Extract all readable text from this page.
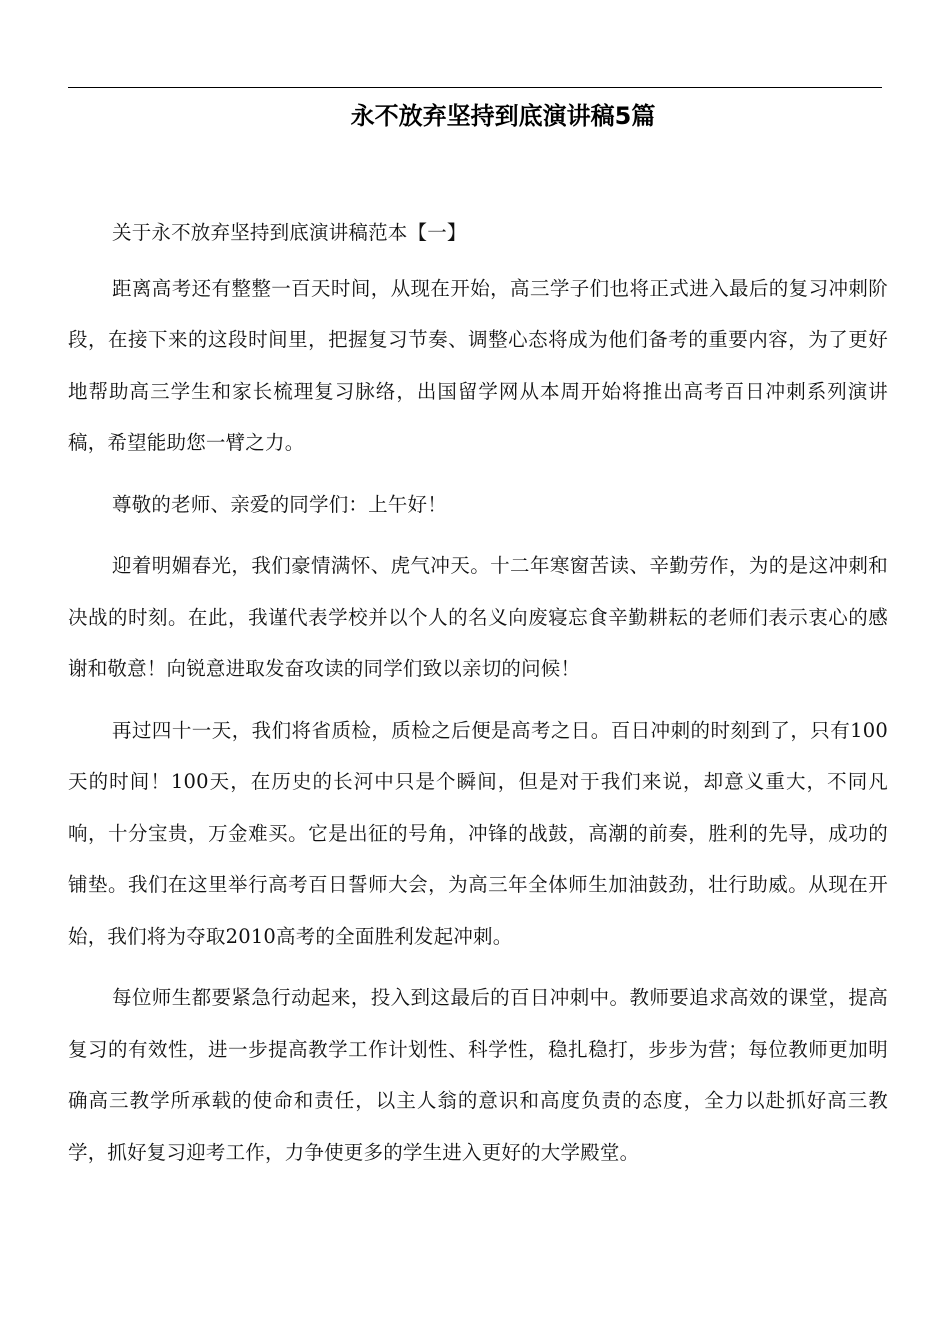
永不放弃坚持到底演讲稿5篇

关于永不放弃坚持到底演讲稿范本【一】

距离高考还有整整一百天时间，从现在开始，高三学子们也将正式进入最后的复习冲刺阶段，在接下来的这段时间里，把握复习节奏、调整心态将成为他们备考的重要内容，为了更好地帮助高三学生和家长梳理复习脉络，出国留学网从本周开始将推出高考百日冲刺系列演讲稿，希望能助您一臂之力。

尊敬的老师、亲爱的同学们：上午好！

迎着明媚春光，我们豪情满怀、虎气冲天。十二年寒窗苦读、辛勤劳作，为的是这冲刺和决战的时刻。在此，我谨代表学校并以个人的名义向废寝忘食辛勤耕耘的老师们表示衷心的感谢和敬意！向锐意进取发奋攻读的同学们致以亲切的问候！

再过四十一天，我们将省质检，质检之后便是高考之日。百日冲刺的时刻到了，只有100天的时间！100天，在历史的长河中只是个瞬间，但是对于我们来说，却意义重大，不同凡响，十分宝贵，万金难买。它是出征的号角，冲锋的战鼓，高潮的前奏，胜利的先导，成功的铺垫。我们在这里举行高考百日誓师大会，为高三年全体师生加油鼓劲，壮行助威。从现在开始，我们将为夺取2010高考的全面胜利发起冲刺。

每位师生都要紧急行动起来，投入到这最后的百日冲刺中。教师要追求高效的课堂，提高复习的有效性，进一步提高教学工作计划性、科学性，稳扎稳打，步步为营；每位教师更加明确高三教学所承载的使命和责任，以主人翁的意识和高度负责的态度，全力以赴抓好高三教学，抓好复习迎考工作，力争使更多的学生进入更好的大学殿堂。
